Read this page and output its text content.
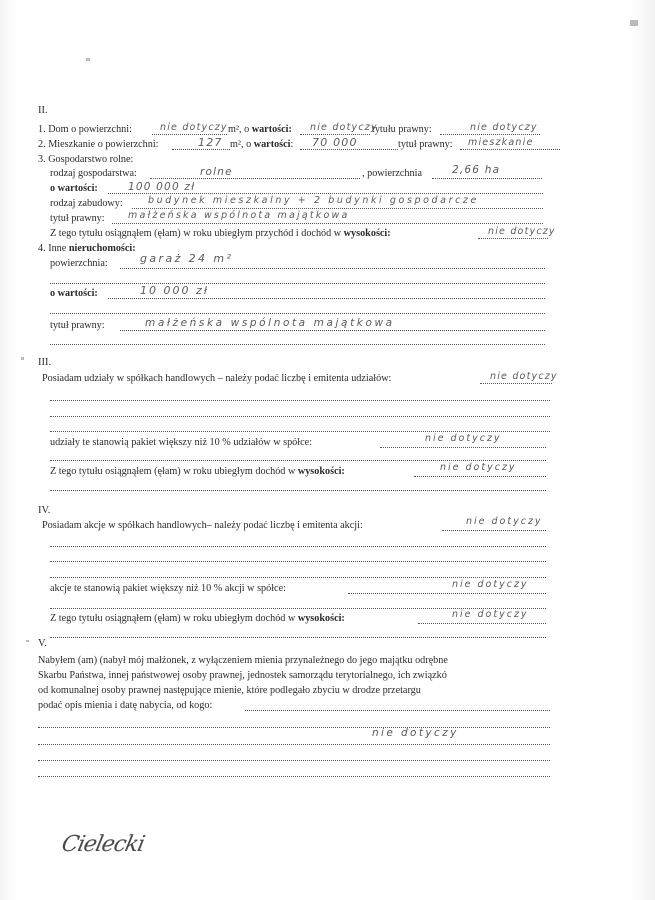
II.
1. Dom o powierzchni:	nie dotyczy m², o wartości: nie dotyczy
tytułu prawny:	nie dotyczy
2. Mieszkanie o powierzchni:	127 m², o wartości: 70 000	tytuł prawny: mieszkanie
3. Gospodarstwo rolne:
rodzaj gospodarstwa:	rolne	, powierzchnia	2,66 ha
o wartości:	100 000 zł
rodzaj zabudowy:	budynek mieszkalny + 2 budynki gospodarcze
tytuł prawny: małżeńska wspólnota majątkowa
Z tego tytułu osiągnąłem (ęłam) w roku ubiegłym przychód i dochód w wysokości:	nie dotyczy
4. Inne nieruchomości:
powierzchnia:	garaż 24 m²
o wartości:	10 000 zł
tytuł prawny:	małżeńska wspólnota majątkowa
III.
Posiadam udziały w spółkach handlowych – należy podać liczbę i emitenta udziałów:	nie dotyczy
udziały te stanowią pakiet większy niż 10 % udziałów w spółce:	nie dotyczy
Z tego tytułu osiągnąłem (ęłam) w roku ubiegłym dochód w wysokości:	nie dotyczy
IV.
Posiadam akcje w spółkach handlowych– należy podać liczbę i emitenta akcji:	nie dotyczy
akcje te stanowią pakiet większy niż 10 % akcji w spółce:	nie dotyczy
Z tego tytułu osiągnąłem (ęłam) w roku ubiegłym dochód w wysokości:	nie dotyczy
V.
Nabyłem (am) (nabył mój małżonek, z wyłączeniem mienia przynależnego do jego majątku odrębne
Skarbu Państwa, innej państwowej osoby prawnej, jednostek samorządu terytorialnego, ich związkó
od komunalnej osoby prawnej następujące mienie, które podlegało zbyciu w drodze przetargu
podać opis mienia i datę nabycia, od kogo:
nie dotyczy
Cielecki
